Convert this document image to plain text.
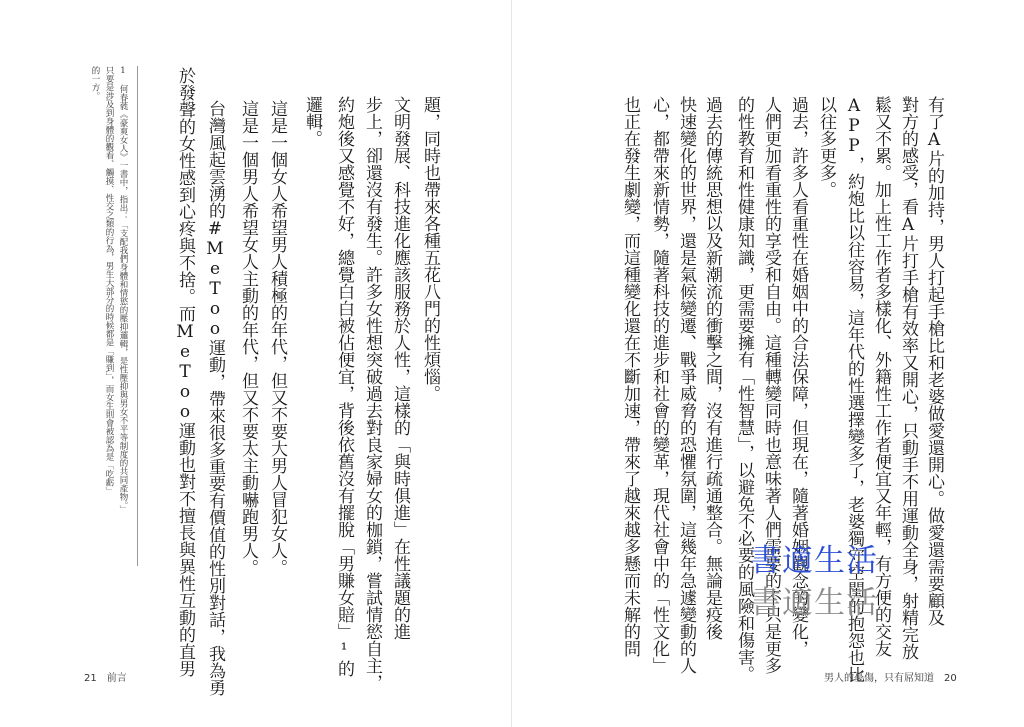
有了A片的加持，男人打起手槍比和老婆做愛還開心。做愛還需要顧及
對方的感受，看A片打手槍有效率又開心，只動手不用運動全身，射精完放
鬆又不累。加上性工作者多樣化、外籍性工作者便宜又年輕，有方便的交友
APP，約炮比以往容易，這年代的性選擇變多了，老婆獨守空閨的抱怨也比
以往多更多。
過去，許多人看重性在婚姻中的合法保障，但現在，隨著婚姻觀念的變化，
人們更加看重性的享受和自由。這種轉變同時也意味著人們需要的不只是更多
的性教育和性健康知識，更需要擁有「性智慧」，以避免不必要的風險和傷害。
過去的傳統思想以及新潮流的衝擊之間，沒有進行疏通整合。無論是疫後
快速變化的世界，還是氣候變遷、戰爭威脅的恐懼氛圍，這幾年急遽變動的人
心，都帶來新情勢，隨著科技的進步和社會的變革，現代社會中的「性文化」
也正在發生劇變，而這種變化還在不斷加速，帶來了越來越多懸而未解的問
題，同時也帶來各種五花八門的性煩惱。
文明發展、科技進化應該服務於人性，這樣的「與時俱進」在性議題的進
步上，卻還沒有發生。許多女性想突破過去對良家婦女的枷鎖，嘗試情慾自主，
約炮後又感覺不好，總覺白白被佔便宜，背後依舊沒有擺脫「男賺女賠」¹的
邏輯。
這是一個女人希望男人積極的年代，但又不要大男人冒犯女人。
這是一個男人希望女人主動的年代，但又不要太主動嚇跑男人。
台灣風起雲湧的#MeToo運動，帶來很多重要有價值的性別對話，我為勇
於發聲的女性感到心疼與不捨。而MeToo運動也對不擅長與異性互動的直男
1　何春蕤《豪爽女人》一書中，指出：「支配我們身體和情慾的壓抑邏輯，是性壓抑與男女不平等制度的共同產物。」
只要是涉及到身體的觀看、觸摸、性交之類的行為，男生大部分的時候都是「賺到」，而女生則會被認為是「吃虧」
的一方。
21　前言	男人的憂傷，只有屌知道　20
書適生活
書適生活
